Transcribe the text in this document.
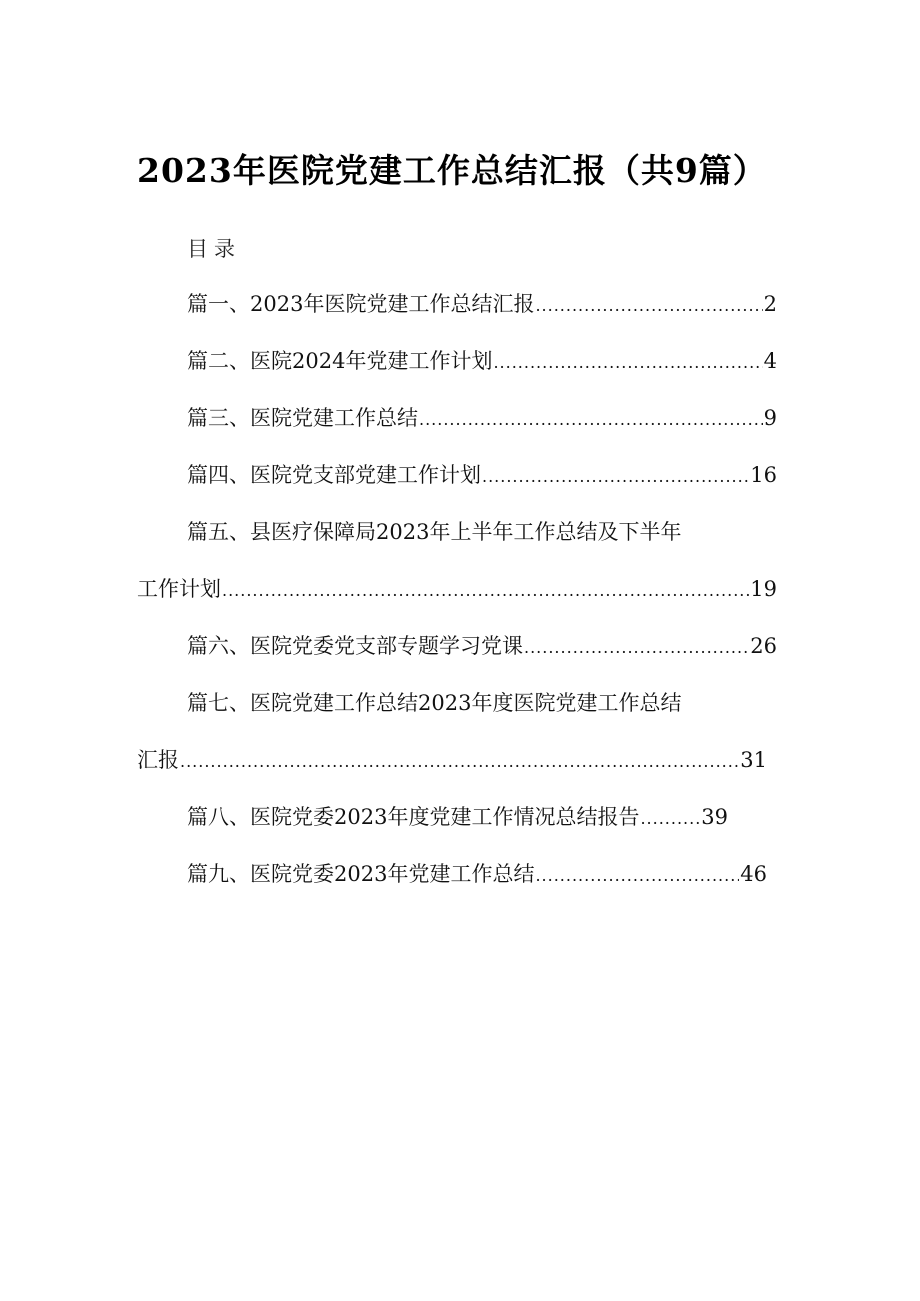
2023年医院党建工作总结汇报（共9篇）
目录
篇一、2023年医院党建工作总结汇报 .....	2
篇二、医院2024年党建工作计划 .....	4
篇三、医院党建工作总结 .....	9
篇四、医院党支部党建工作计划 .....	16
篇五、县医疗保障局2023年上半年工作总结及下半年
工作计划 .....	19
篇六、医院党委党支部专题学习党课 .....	26
篇七、医院党建工作总结2023年度医院党建工作总结
汇报 .....	31
篇八、医院党委2023年度党建工作情况总结报告 .....	39
篇九、医院党委2023年党建工作总结 .....	46
